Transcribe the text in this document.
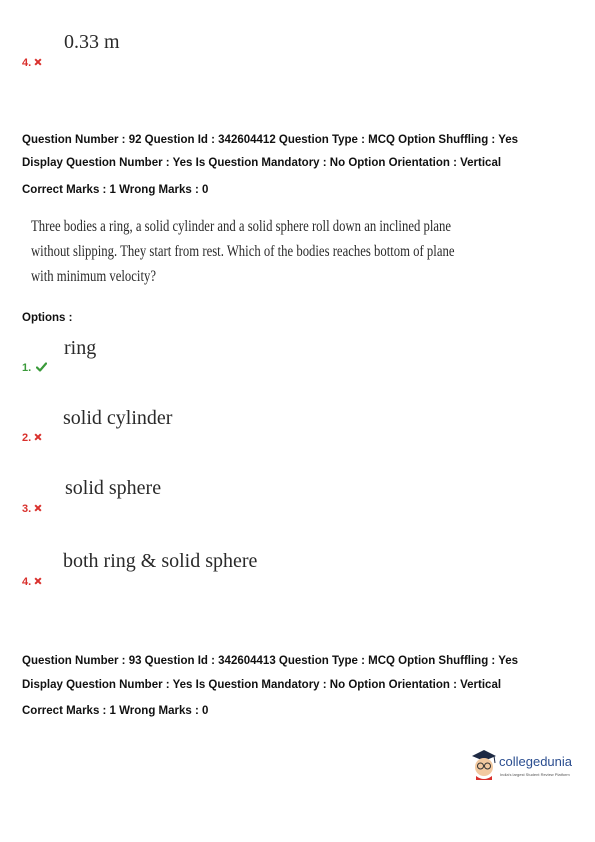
0.33 m
4.
Question Number : 92 Question Id : 342604412 Question Type : MCQ Option Shuffling : Yes
Display Question Number : Yes Is Question Mandatory : No Option Orientation : Vertical
Correct Marks : 1 Wrong Marks : 0
Three bodies a ring, a solid cylinder and a solid sphere roll down an inclined plane
without slipping. They start from rest. Which of the bodies reaches bottom of plane
with minimum velocity?
Options :
ring
1.
solid cylinder
2.
solid sphere
3.
both ring & solid sphere
4.
Question Number : 93 Question Id : 342604413 Question Type : MCQ Option Shuffling : Yes
Display Question Number : Yes Is Question Mandatory : No Option Orientation : Vertical
Correct Marks : 1 Wrong Marks : 0
collegedunia
India's largest Student Review Platform
